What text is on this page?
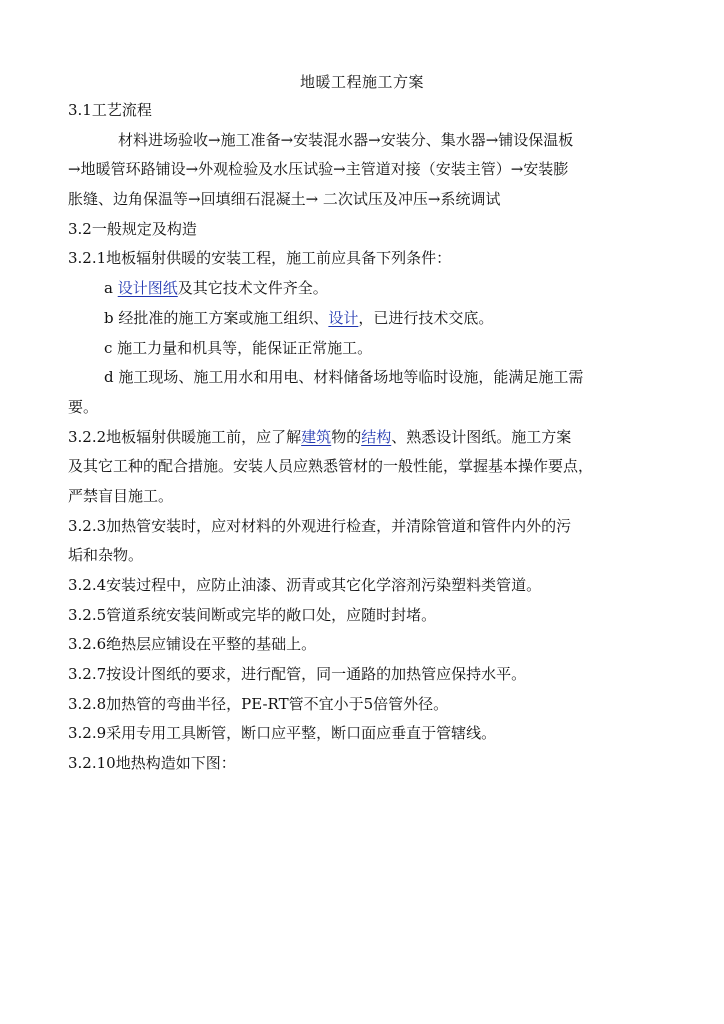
地暖工程施工方案
3.1工艺流程
材料进场验收→施工准备→安装混水器→安装分、集水器→铺设保温板
→地暖管环路铺设→外观检验及水压试验→主管道对接（安装主管）→安装膨
胀缝、边角保温等→回填细石混凝土→ 二次试压及冲压→系统调试
3.2一般规定及构造
3.2.1地板辐射供暖的安装工程，施工前应具备下列条件：
a 设计图纸及其它技术文件齐全。
b 经批准的施工方案或施工组织、设计，已进行技术交底。
c 施工力量和机具等，能保证正常施工。
d 施工现场、施工用水和用电、材料储备场地等临时设施，能满足施工需
要。
3.2.2地板辐射供暖施工前，应了解建筑物的结构、熟悉设计图纸。施工方案
及其它工种的配合措施。安装人员应熟悉管材的一般性能，掌握基本操作要点，
严禁盲目施工。
3.2.3加热管安装时，应对材料的外观进行检查，并清除管道和管件内外的污
垢和杂物。
3.2.4安装过程中，应防止油漆、沥青或其它化学溶剂污染塑料类管道。
3.2.5管道系统安装间断或完毕的敞口处，应随时封堵。
3.2.6绝热层应铺设在平整的基础上。
3.2.7按设计图纸的要求，进行配管，同一通路的加热管应保持水平。
3.2.8加热管的弯曲半径，PE-RT管不宜小于5倍管外径。
3.2.9采用专用工具断管，断口应平整，断口面应垂直于管辖线。
3.2.10地热构造如下图：
